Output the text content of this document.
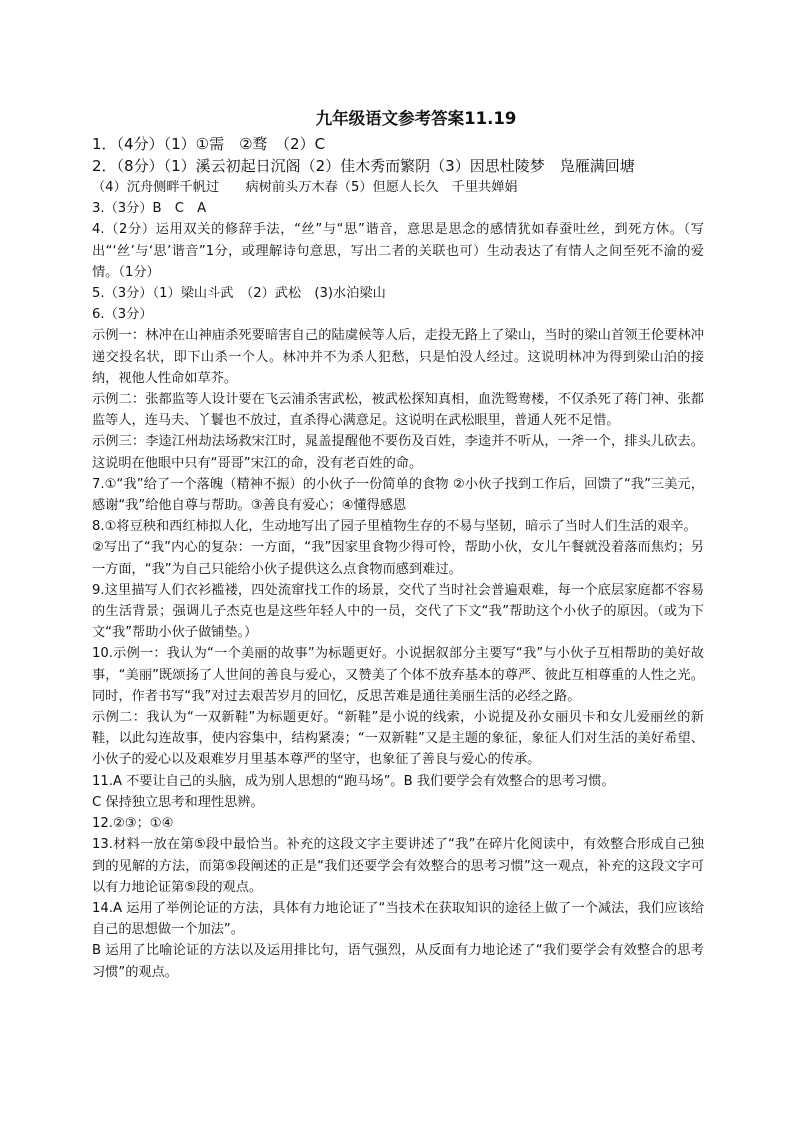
九年级语文参考答案11.19

1．（4分）（1）①需　②骛　（2）C

2．（8分）（1）溪云初起日沉阁（2）佳木秀而繁阴（3）因思杜陵梦　凫雁满回塘

（4）沉舟侧畔千帆过　　病树前头万木春（5）但愿人长久　千里共婵娟

3.（3分）B　C　A

4.（2分）运用双关的修辞手法，“丝”与“思”谐音，意思是思念的感情犹如春蚕吐丝，到死方休。（写出“‘丝’与‘思’谐音”1分，或理解诗句意思，写出二者的关联也可）生动表达了有情人之间至死不渝的爱情。（1分）

5.（3分）（1）梁山斗武　（2）武松　(3)水泊梁山

6.（3分）

示例一：林冲在山神庙杀死要暗害自己的陆虞候等人后，走投无路上了梁山，当时的梁山首领王伦要林冲递交投名状，即下山杀一个人。林冲并不为杀人犯愁，只是怕没人经过。这说明林冲为得到梁山泊的接纳，视他人性命如草芥。

示例二：张都监等人设计要在飞云浦杀害武松，被武松探知真相，血洗鸳鸯楼，不仅杀死了蒋门神、张都监等人，连马夫、丫鬟也不放过，直杀得心满意足。这说明在武松眼里，普通人死不足惜。

示例三：李逵江州劫法场救宋江时，晁盖提醒他不要伤及百姓，李逵并不听从，一斧一个，排头儿砍去。这说明在他眼中只有“哥哥”宋江的命，没有老百姓的命。

7.①“我”给了一个落魄（精神不振）的小伙子一份简单的食物 ②小伙子找到工作后，回馈了“我”三美元，感谢“我”给他自尊与帮助。③善良有爱心；④懂得感恩

8.①将豆秧和西红柿拟人化，生动地写出了园子里植物生存的不易与坚韧，暗示了当时人们生活的艰辛。

②写出了“我”内心的复杂：一方面，“我”因家里食物少得可怜，帮助小伙，女儿午餐就没着落而焦灼；另一方面，“我”为自己只能给小伙子提供这么点食物而感到难过。

9.这里描写人们衣衫褴褛，四处流窜找工作的场景，交代了当时社会普遍艰难，每一个底层家庭都不容易的生活背景；强调儿子杰克也是这些年轻人中的一员，交代了下文“我”帮助这个小伙子的原因。（或为下文“我”帮助小伙子做铺垫。）

10.示例一：我认为“一个美丽的故事”为标题更好。小说据叙部分主要写“我”与小伙子互相帮助的美好故事，“美丽”既颂扬了人世间的善良与爱心，又赞美了个体不放弃基本的尊严、彼此互相尊重的人性之光。同时，作者书写“我”对过去艰苦岁月的回忆，反思苦难是通往美丽生活的必经之路。

示例二：我认为“一双新鞋”为标题更好。“新鞋”是小说的线索，小说提及孙女丽贝卡和女儿爱丽丝的新鞋，以此勾连故事，使内容集中，结构紧凑；“一双新鞋”又是主题的象征，象征人们对生活的美好希望、小伙子的爱心以及艰难岁月里基本尊严的坚守，也象征了善良与爱心的传承。

11.A 不要让自己的头脑，成为别人思想的“跑马场”。B 我们要学会有效整合的思考习惯。

C 保持独立思考和理性思辨。

12.②③；①④

13.材料一放在第⑤段中最恰当。补充的这段文字主要讲述了“我”在碎片化阅读中，有效整合形成自己独到的见解的方法，而第⑤段阐述的正是“我们还要学会有效整合的思考习惯”这一观点，补充的这段文字可以有力地论证第⑤段的观点。

14.A 运用了举例论证的方法，具体有力地论证了“当技术在获取知识的途径上做了一个减法，我们应该给自己的思想做一个加法”。

B 运用了比喻论证的方法以及运用排比句，语气强烈，从反面有力地论述了“我们要学会有效整合的思考习惯”的观点。
